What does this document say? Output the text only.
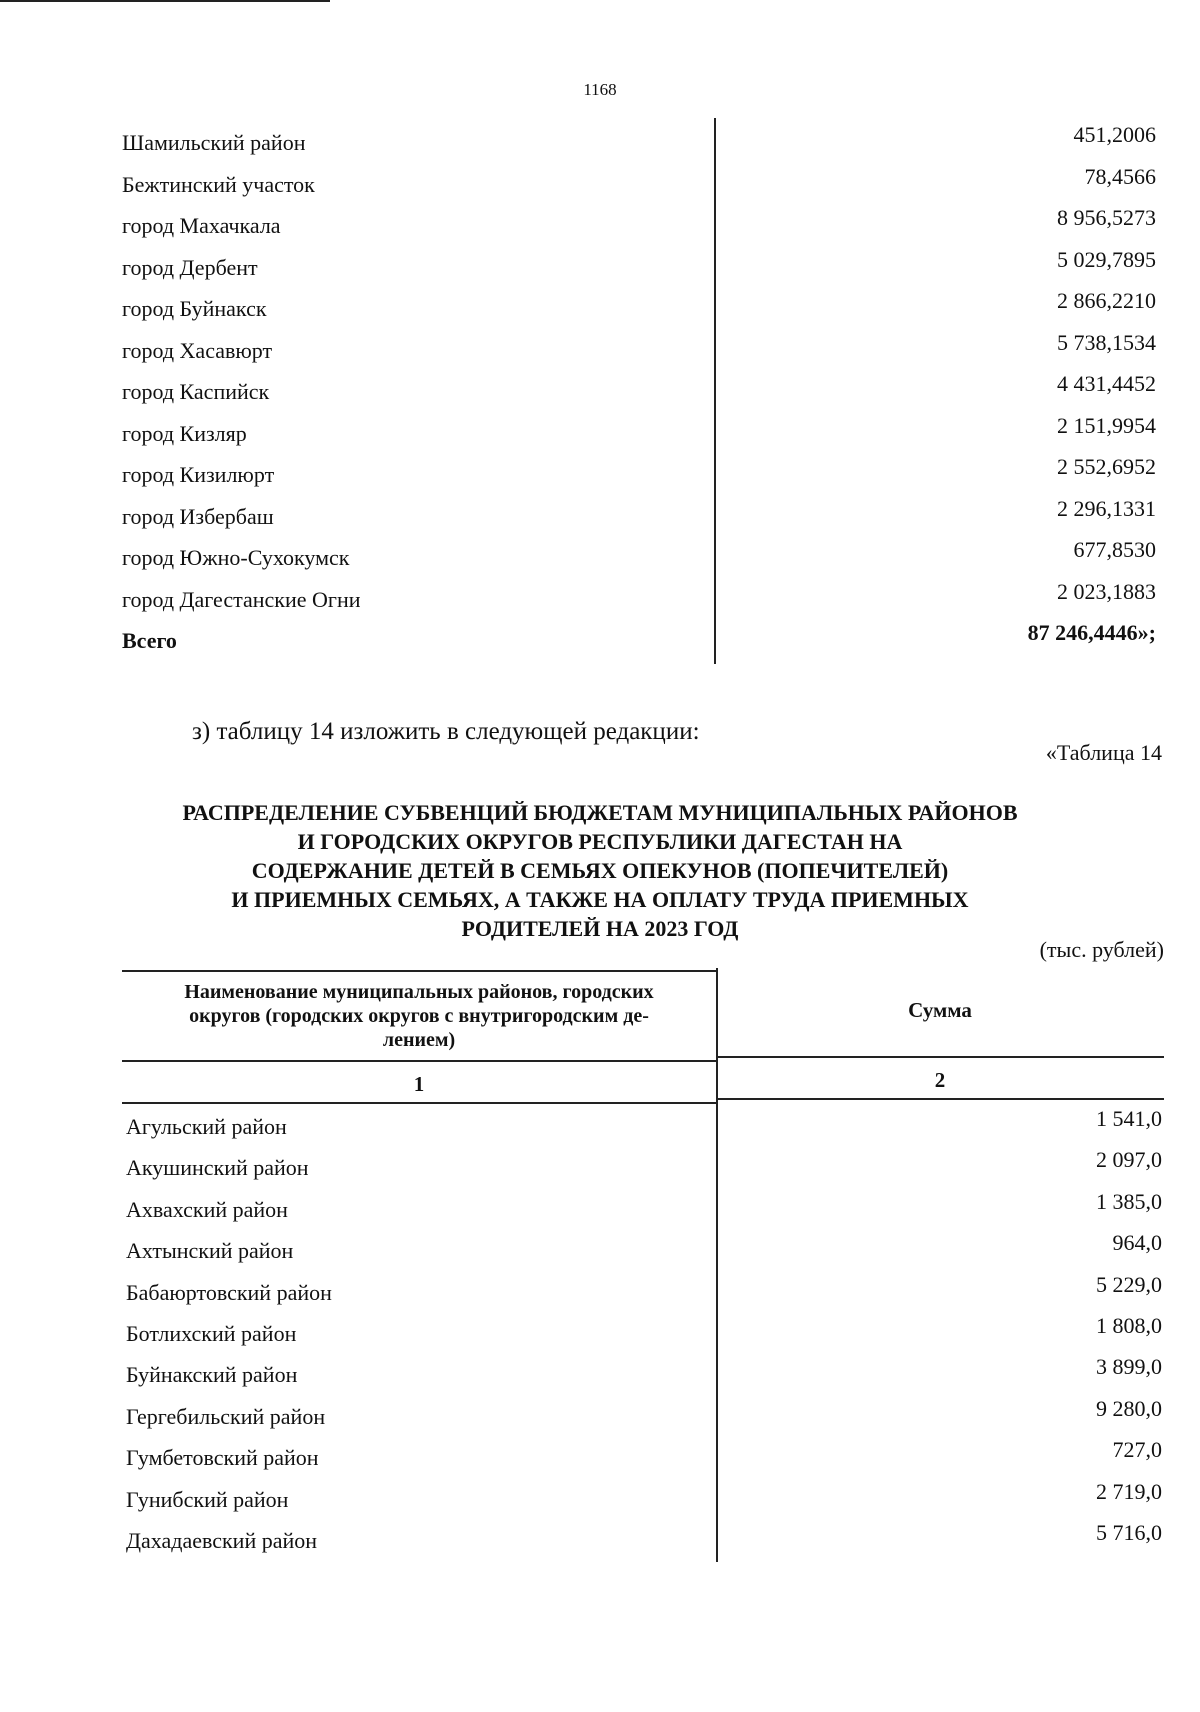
1168
Шамильский район	451,2006
Бежтинский участок	78,4566
город Махачкала	8 956,5273
город Дербент	5 029,7895
город Буйнакск	2 866,2210
город Хасавюрт	5 738,1534
город Каспийск	4 431,4452
город Кизляр	2 151,9954
город Кизилюрт	2 552,6952
город Избербаш	2 296,1331
город Южно-Сухокумск	677,8530
город Дагестанские Огни	2 023,1883
Всего	87 246,4446»;
з) таблицу 14 изложить в следующей редакции:
«Таблица 14
РАСПРЕДЕЛЕНИЕ СУБВЕНЦИЙ БЮДЖЕТАМ МУНИЦИПАЛЬНЫХ РАЙОНОВ
И ГОРОДСКИХ ОКРУГОВ РЕСПУБЛИКИ ДАГЕСТАН НА
СОДЕРЖАНИЕ ДЕТЕЙ В СЕМЬЯХ ОПЕКУНОВ (ПОПЕЧИТЕЛЕЙ)
И ПРИЕМНЫХ СЕМЬЯХ, А ТАКЖЕ НА ОПЛАТУ ТРУДА ПРИЕМНЫХ
РОДИТЕЛЕЙ НА 2023 ГОД
(тыс. рублей)
Наименование муниципальных районов, городских
округов (городских округов с внутригородским де-
лением)
Сумма
1	2
Агульский район	1 541,0
Акушинский район	2 097,0
Ахвахский район	1 385,0
Ахтынский район	964,0
Бабаюртовский район	5 229,0
Ботлихский район	1 808,0
Буйнакский район	3 899,0
Гергебильский район	9 280,0
Гумбетовский район	727,0
Гунибский район	2 719,0
Дахадаевский район	5 716,0
